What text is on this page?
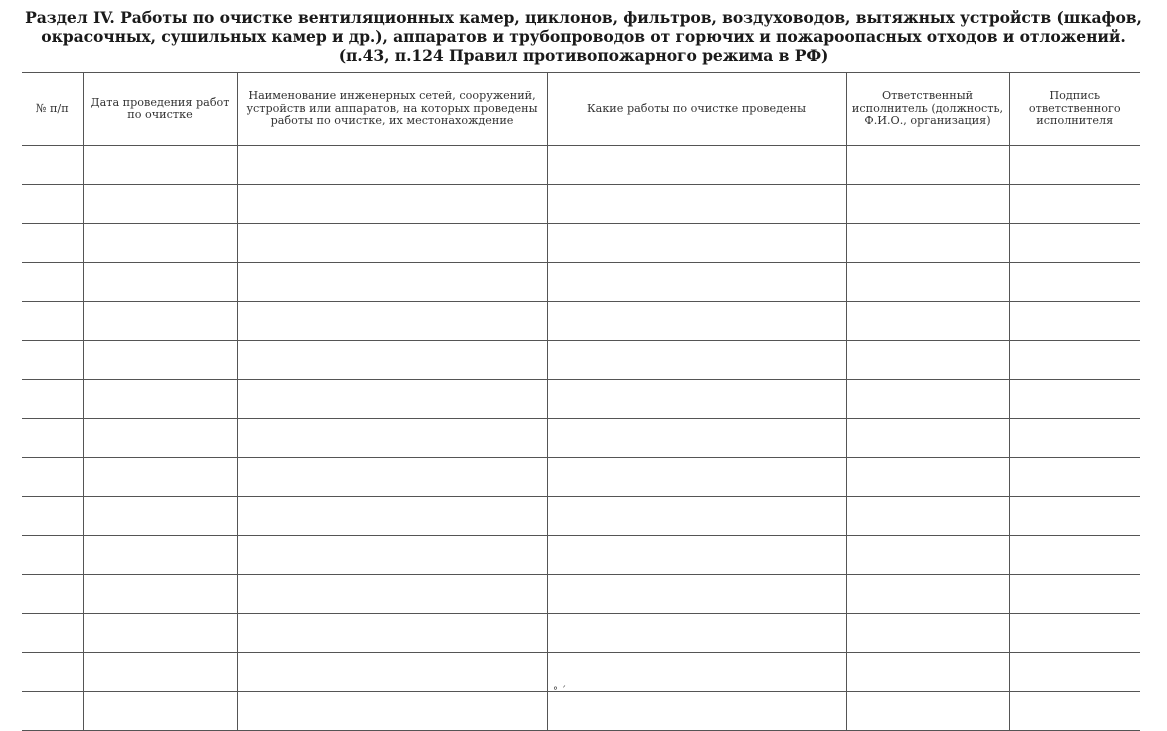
Раздел IV. Работы по очистке вентиляционных камер, циклонов, фильтров, воздуховодов, вытяжных устройств (шкафов,
окрасочных, сушильных камер и др.), аппаратов и трубопроводов от горючих и пожароопасных отходов и отложений.
(п.43, п.124 Правил противопожарного режима в РФ)
№ п/п	Дата проведения работ по очистке	Наименование инженерных сетей, сооружений, устройств или аппаратов, на которых проведены работы по очистке, их местонахождение	Какие работы по очистке проведены	Ответственный исполнитель (должность, Ф.И.О., организация)	Подпись ответственного исполнителя

° ´
